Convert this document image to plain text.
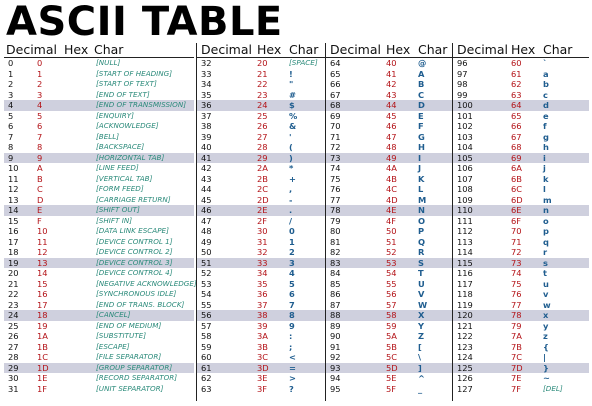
ASCII TABLE
Decimal Hex Char
0	0	[NULL]
1	1	[START OF HEADING]
2	2	[START OF TEXT]
3	3	[END OF TEXT]
4	4	[END OF TRANSMISSION]
5	5	[ENQUIRY]
6	6	[ACKNOWLEDGE]
7	7	[BELL]
8	8	[BACKSPACE]
9	9	[HORIZONTAL TAB]
10 A	[LINE FEED]
11 B	[VERTICAL TAB]
12 C	[FORM FEED]
13 D	[CARRIAGE RETURN]
14 E	[SHIFT OUT]
15 F	[SHIFT IN]
16 10	[DATA LINK ESCAPE]
17 11	[DEVICE CONTROL 1]
18 12	[DEVICE CONTROL 2]
19 13	[DEVICE CONTROL 3]
20 14	[DEVICE CONTROL 4]
21 15	[NEGATIVE ACKNOWLEDGE]
22 16	[SYNCHRONOUS IDLE]
23 17	[END OF TRANS. BLOCK]
24 18	[CANCEL]
25 19	[END OF MEDIUM]
26 1A	[SUBSTITUTE]
27 1B	[ESCAPE]
28 1C	[FILE SEPARATOR]
29 1D	[GROUP SEPARATOR]
30 1E	[RECORD SEPARATOR]
31 1F	[UNIT SEPARATOR]
Decimal Hex Char
32	20	[SPACE]
33	21	!
34	22	"
35	23	#
36	24	$
37	25	%
38	26	&
39	27	'
40	28	(
41	29	)
42	2A	*
43	2B	+
44	2C	,
45	2D -
46	2E	.
47	2F	/
48	30	0
49	31	1
50	32	2
51	33	3
52	34	4
53	35	5
54	36	6
55	37	7
56	38	8
57	39	9
58	3A	:
59	3B	;
60	3C	<
61	3D =
62	3E	>
63	3F	?
Decimal Hex Char
64	40	@
65	41	A
66	42	B
67	43	C
68	44	D
69	45	E
70	46	F
71	47	G
72	48	H
73	49	I
74	4A	J
75	4B	K
76	4C	L
77	4D M
78	4E	N
79	4F	O
80	50	P
81	51	Q
82	52	R
83	53	S
84	54	T
85	55	U
86	56	V
87	57	W
88	58	X
89	59	Y
90	5A	Z
91	5B	[
92	5C	\
93	5D ]
94	5E	^
95	5F	_
Decimal Hex Char
96	60	`
97	61	a
98	62	b
99	63	c
100	64	d
101	65	e
102	66	f
103	67	g
104	68	h
105	69	i
106	6A	j
107	6B	k
108	6C	l
109	6D m
110	6E	n
111	6F	o
112	70	p
113	71	q
114	72	r
115	73	s
116	74	t
117	75	u
118	76	v
119	77	w
120	78	x
121	79	y
122	7A	z
123	7B	{
124	7C	|
125	7D }
126	7E	~
127	7F	[DEL]
